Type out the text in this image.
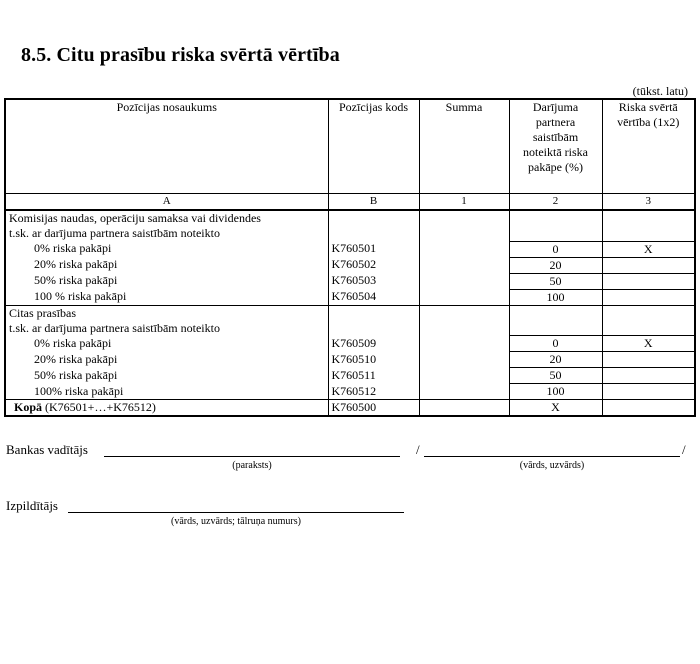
8.5. Citu prasību riska svērtā vērtība
(tūkst. latu)
Pozīcijas nosaukums	Pozīcijas kods	Summa	Darījuma partnera saistībām noteiktā riska pakāpe (%)	Riska svērtā vērtība (1x2)
A	B	1	2	3
Komisijas naudas, operāciju samaksa vai dividendes				
t.sk. ar darījuma partnera saistībām noteikto				
0% riska pakāpi	K760501		0	X
20% riska pakāpi	K760502		20	
50% riska pakāpi	K760503		50	
100 % riska pakāpi	K760504		100	
Citas prasības				
t.sk. ar darījuma partnera saistībām noteikto				
0% riska pakāpi	K760509		0	X
20% riska pakāpi	K760510		20	
50% riska pakāpi	K760511		50	
100% riska pakāpi	K760512		100	
Kopā (K76501+…+K76512)	K760500		X	
Bankas vadītājs
(paraksts)
/
(vārds, uzvārds)
/
Izpildītājs
(vārds, uzvārds; tālruņa numurs)
